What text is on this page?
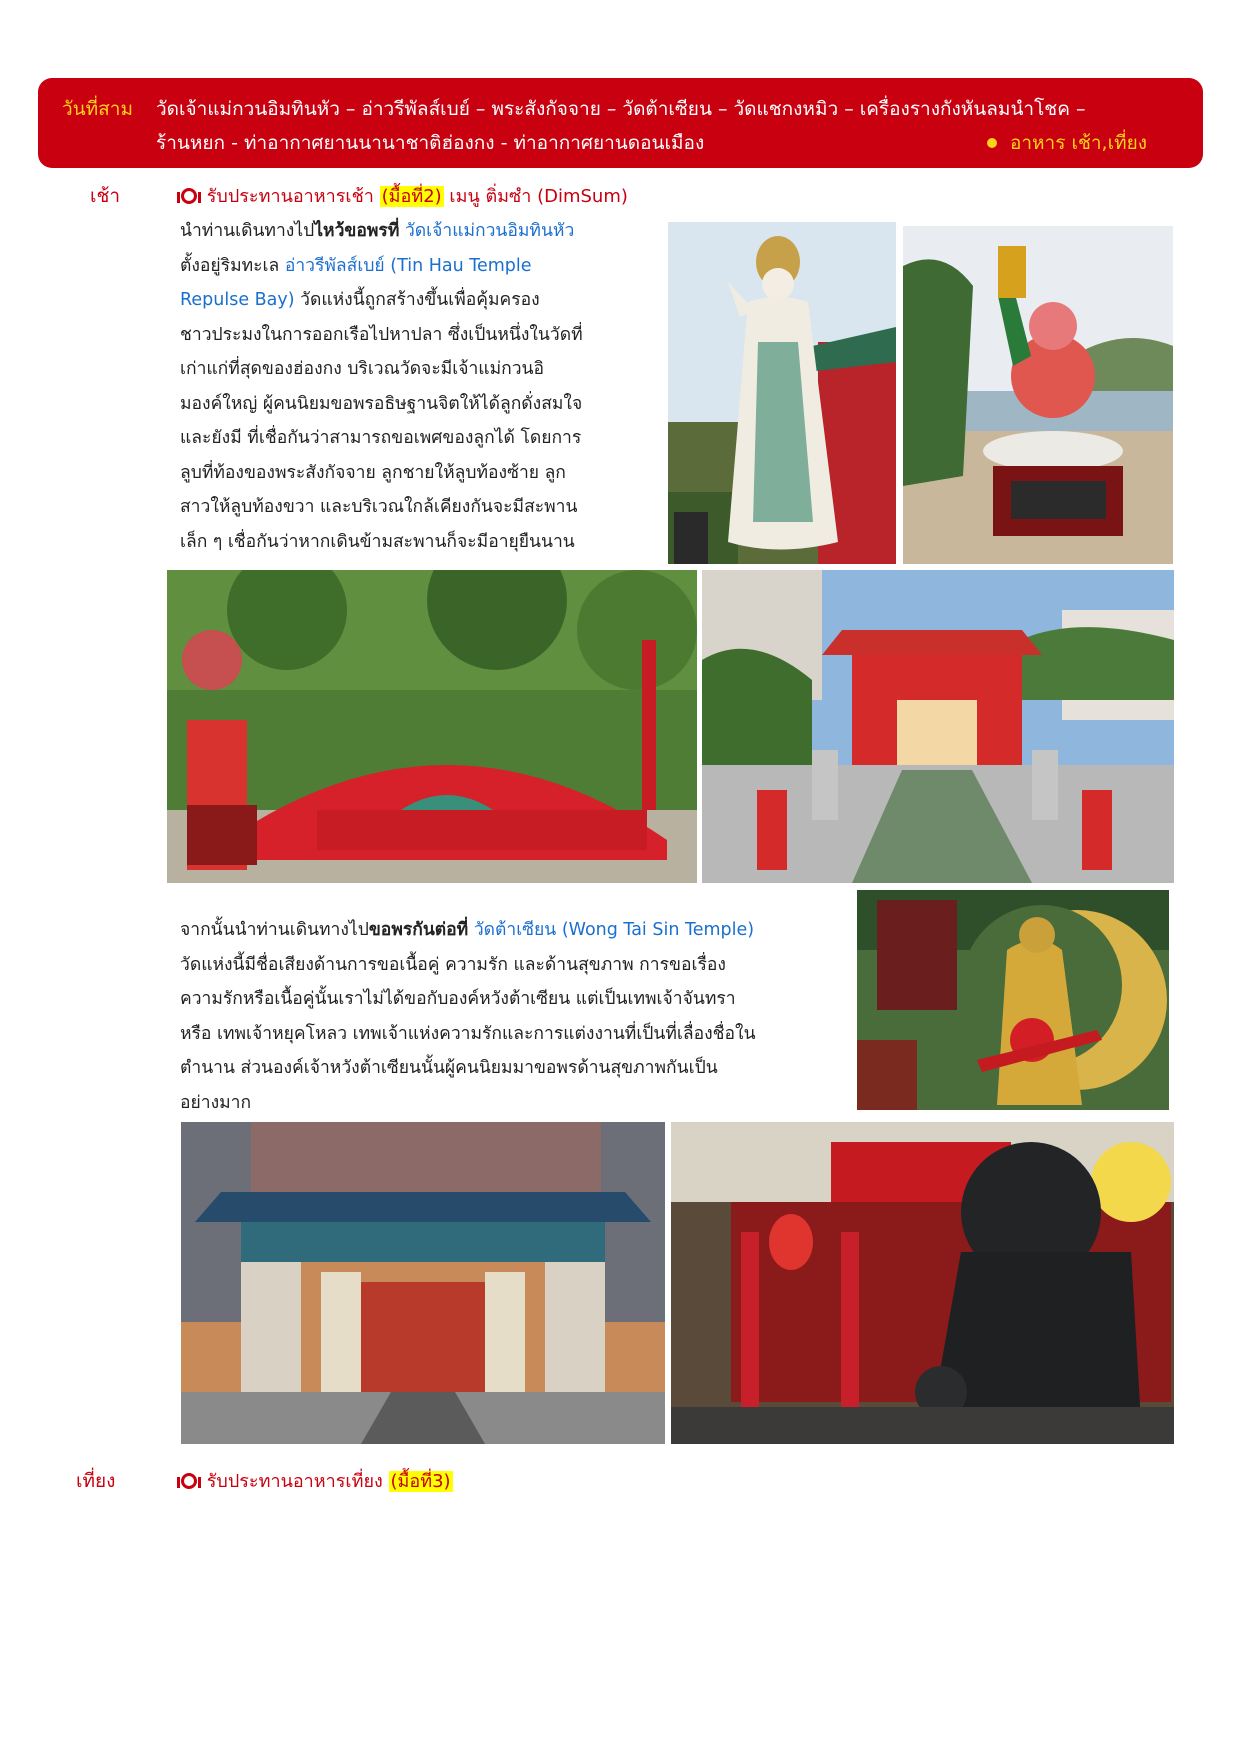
วันที่สาม วัดเจ้าแม่กวนอิมทินหัว – อ่าวรีพัลส์เบย์ – พระสังกัจจาย – วัดต้าเซียน – วัดแชกงหมิว – เครื่องรางกังหันลมนำโชค –
ร้านหยก - ท่าอากาศยานนานาชาติฮ่องกง - ท่าอากาศยานดอนเมือง	อาหาร เช้า,เที่ยง
เช้า	รับประทานอาหารเช้า (มื้อที่2) เมนู ติ่มซำ (DimSum)
นำท่านเดินทางไปไหว้ขอพรที่ วัดเจ้าแม่กวนอิมทินหัว
ตั้งอยู่ริมทะเล อ่าวรีพัลส์เบย์ (Tin Hau Temple
Repulse Bay) วัดแห่งนี้ถูกสร้างขึ้นเพื่อคุ้มครอง
ชาวประมงในการออกเรือไปหาปลา ซึ่งเป็นหนึ่งในวัดที่
เก่าแก่ที่สุดของฮ่องกง บริเวณวัดจะมีเจ้าแม่กวนอิ
มองค์ใหญ่ ผู้คนนิยมขอพรอธิษฐานจิตให้ได้ลูกดั่งสมใจ
และยังมี ที่เชื่อกันว่าสามารถขอเพศของลูกได้ โดยการ
ลูบที่ท้องของพระสังกัจจาย ลูกชายให้ลูบท้องซ้าย ลูก
สาวให้ลูบท้องขวา และบริเวณใกล้เคียงกันจะมีสะพาน
เล็ก ๆ เชื่อกันว่าหากเดินข้ามสะพานก็จะมีอายุยืนนาน
จากนั้นนำท่านเดินทางไปขอพรกันต่อที่ วัดต้าเซียน (Wong Tai Sin Temple)
วัดแห่งนี้มีชื่อเสียงด้านการขอเนื้อคู่ ความรัก และด้านสุขภาพ การขอเรื่อง
ความรักหรือเนื้อคู่นั้นเราไม่ได้ขอกับองค์หวังต้าเซียน แต่เป็นเทพเจ้าจันทรา
หรือ เทพเจ้าหยุคโหลว เทพเจ้าแห่งความรักและการแต่งงานที่เป็นที่เลื่องชื่อใน
ตำนาน ส่วนองค์เจ้าหวังต้าเซียนนั้นผู้คนนิยมมาขอพรด้านสุขภาพกันเป็น
อย่างมาก
เที่ยง	รับประทานอาหารเที่ยง (มื้อที่3)
